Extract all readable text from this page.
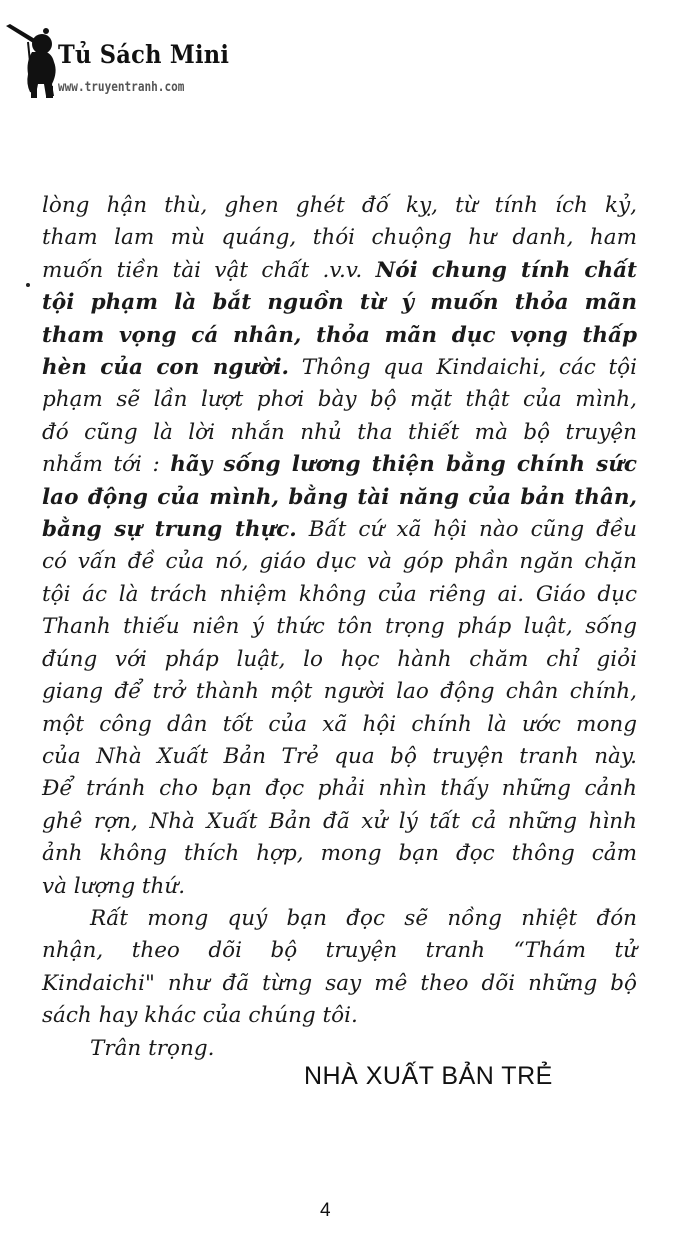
Tủ Sách Mini
www.truyentranh.com
lòng hận thù, ghen ghét đố kỵ, từ tính ích kỷ,
tham lam mù quáng, thói chuộng hư danh, ham
muốn tiền tài vật chất .v.v. Nói chung tính chất
tội phạm là bắt nguồn từ ý muốn thỏa mãn
tham vọng cá nhân, thỏa mãn dục vọng thấp
hèn của con người. Thông qua Kindaichi, các tội
phạm sẽ lần lượt phơi bày bộ mặt thật của mình,
đó cũng là lời nhắn nhủ tha thiết mà bộ truyện
nhắm tới : hãy sống lương thiện bằng chính sức
lao động của mình, bằng tài năng của bản thân,
bằng sự trung thực. Bất cứ xã hội nào cũng đều
có vấn đề của nó, giáo dục và góp phần ngăn chặn
tội ác là trách nhiệm không của riêng ai. Giáo dục
Thanh thiếu niên ý thức tôn trọng pháp luật, sống
đúng với pháp luật, lo học hành chăm chỉ giỏi
giang để trở thành một người lao động chân chính,
một công dân tốt của xã hội chính là ước mong
của Nhà Xuất Bản Trẻ qua bộ truyện tranh này.
Để tránh cho bạn đọc phải nhìn thấy những cảnh
ghê rợn, Nhà Xuất Bản đã xử lý tất cả những hình
ảnh không thích hợp, mong bạn đọc thông cảm
và lượng thứ.
Rất mong quý bạn đọc sẽ nồng nhiệt đón
nhận, theo dõi bộ truyện tranh “Thám tử
Kindaichi" như đã từng say mê theo dõi những bộ
sách hay khác của chúng tôi.
Trân trọng.
NHÀ XUẤT BẢN TRẺ
4
